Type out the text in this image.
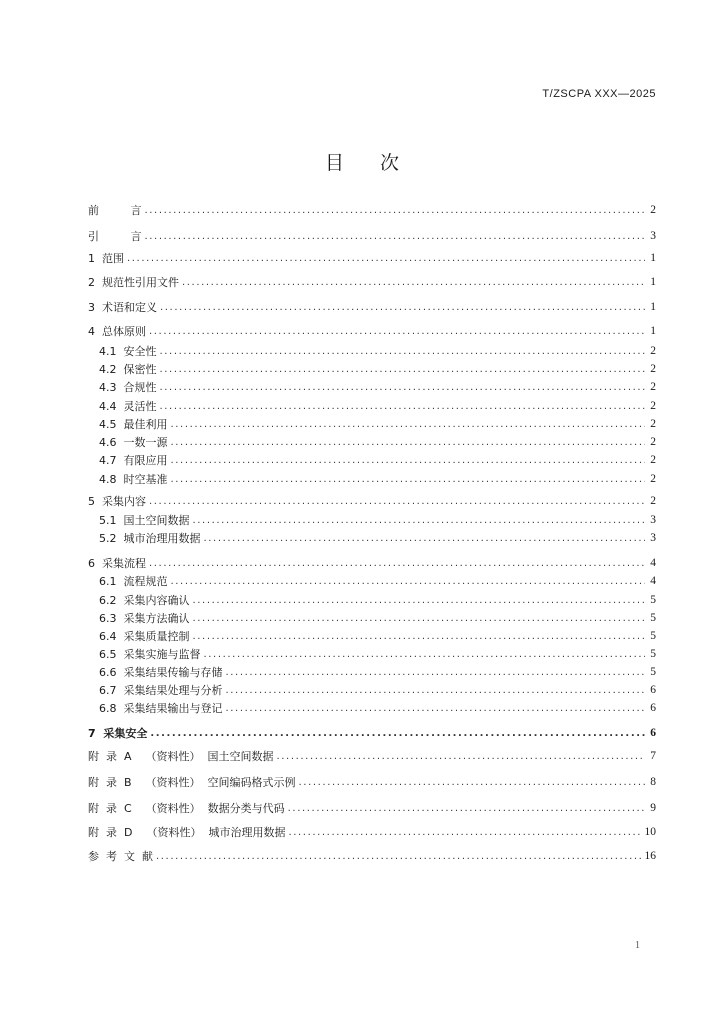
T/ZSCPA XXX—2025
目次
前 言 .....	2
引 言 .....	3
1 范围 .....	1
2 规范性引用文件 .....	1
3 术语和定义 .....	1
4 总体原则 .....	1
4.1 安全性 .....	2
4.2 保密性 .....	2
4.3 合规性 .....	2
4.4 灵活性 .....	2
4.5 最佳利用 .....	2
4.6 一数一源 .....	2
4.7 有限应用 .....	2
4.8 时空基准 .....	2
5 采集内容 .....	2
5.1 国土空间数据 .....	3
5.2 城市治理用数据 .....	3
6 采集流程 .....	4
6.1 流程规范 .....	4
6.2 采集内容确认 .....	5
6.3 采集方法确认 .....	5
6.4 采集质量控制 .....	5
6.5 采集实施与监督 .....	5
6.6 采集结果传输与存储 .....	5
6.7 采集结果处理与分析 .....	6
6.8 采集结果输出与登记 .....	6
7 采集安全 .....	6
附  录  A （资料性）  国土空间数据 .....	7
附  录  B （资料性）  空间编码格式示例 .....	8
附  录  C （资料性）  数据分类与代码 .....	9
附  录  D （资料性）  城市治理用数据 .....	10
参  考  文  献 .....	16
1
